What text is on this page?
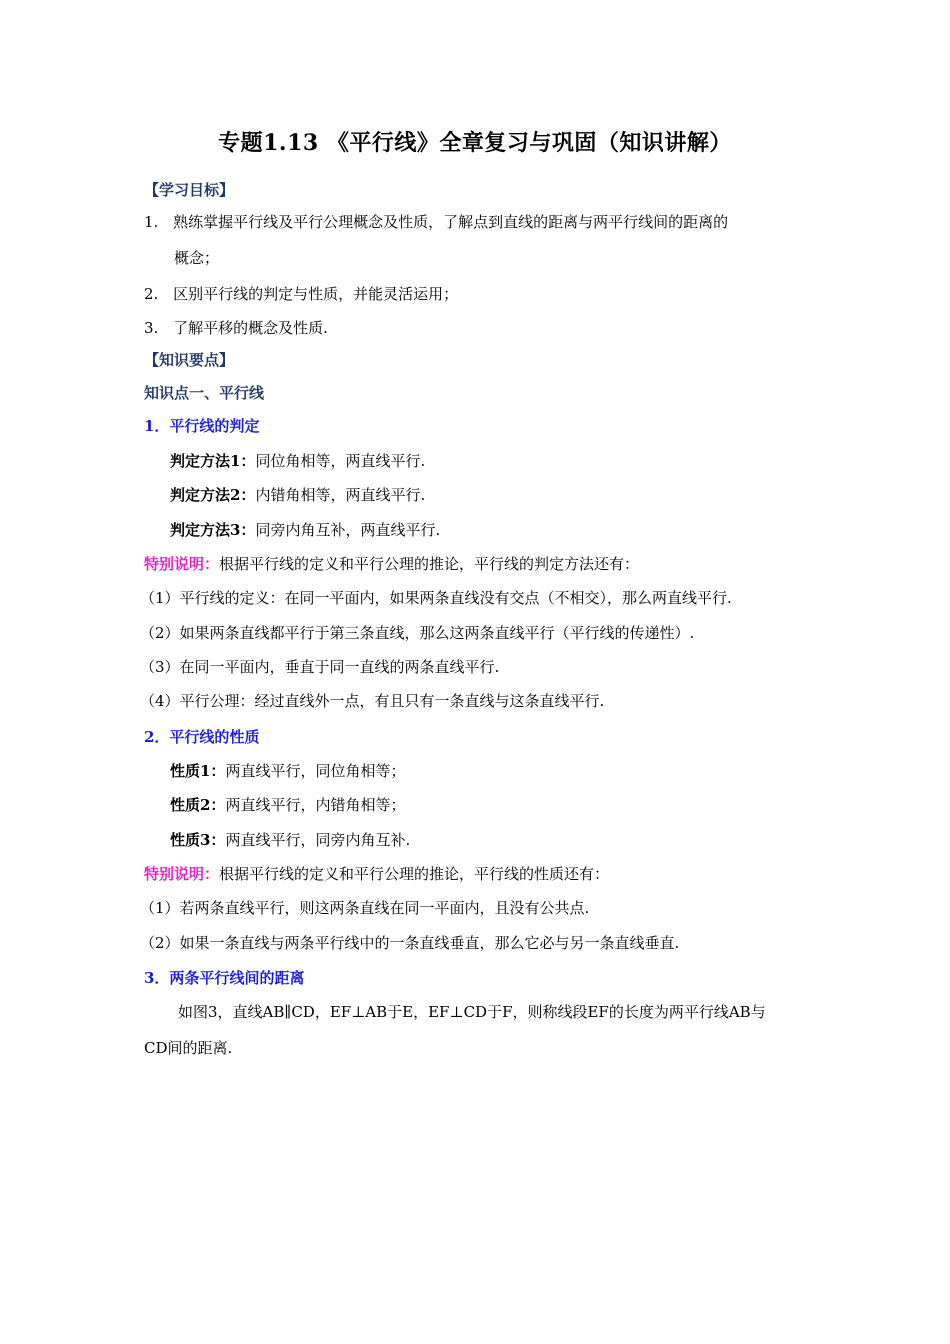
专题1.13 《平行线》全章复习与巩固（知识讲解）
【学习目标】
1. 熟练掌握平行线及平行公理概念及性质，了解点到直线的距离与两平行线间的距离的
概念；
2. 区别平行线的判定与性质，并能灵活运用；
3. 了解平移的概念及性质.
【知识要点】
知识点一、平行线
1．平行线的判定
判定方法1：同位角相等，两直线平行.
判定方法2：内错角相等，两直线平行.
判定方法3：同旁内角互补，两直线平行.
特别说明：根据平行线的定义和平行公理的推论，平行线的判定方法还有：
（1）平行线的定义：在同一平面内，如果两条直线没有交点（不相交），那么两直线平行.
（2）如果两条直线都平行于第三条直线，那么这两条直线平行（平行线的传递性）.
（3）在同一平面内，垂直于同一直线的两条直线平行.
（4）平行公理：经过直线外一点，有且只有一条直线与这条直线平行.
2．平行线的性质
性质1：两直线平行，同位角相等；
性质2：两直线平行，内错角相等；
性质3：两直线平行，同旁内角互补.
特别说明：根据平行线的定义和平行公理的推论，平行线的性质还有：
（1）若两条直线平行，则这两条直线在同一平面内，且没有公共点.
（2）如果一条直线与两条平行线中的一条直线垂直，那么它必与另一条直线垂直.
3．两条平行线间的距离
如图3，直线AB∥CD，EF⊥AB于E，EF⊥CD于F，则称线段EF的长度为两平行线AB与
CD间的距离.
